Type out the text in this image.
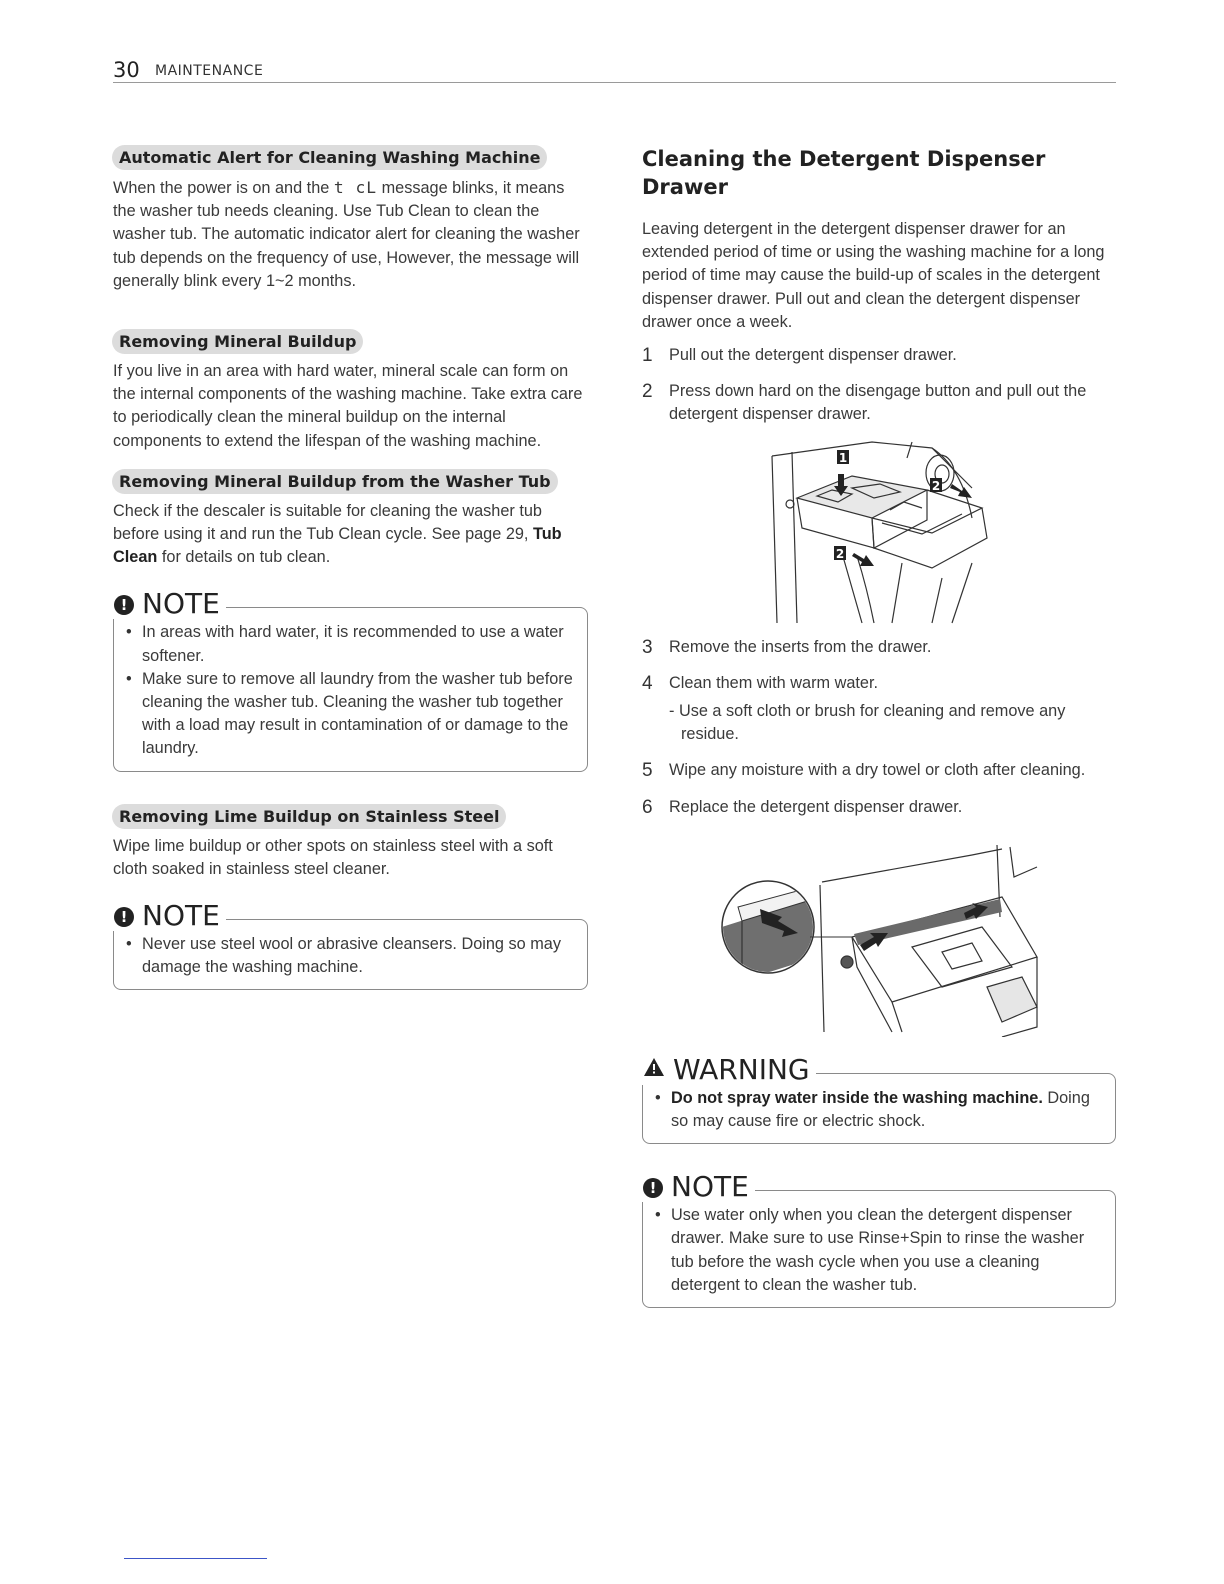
30 MAINTENANCE
Automatic Alert for Cleaning Washing Machine

When the power is on and the t cL message blinks, it means the washer tub needs cleaning. Use Tub Clean to clean the washer tub. The automatic indicator alert for cleaning the washer tub depends on the frequency of use, However, the message will generally blink every 1~2 months.

Removing Mineral Buildup

If you live in an area with hard water, mineral scale can form on the internal components of the washing machine. Take extra care to periodically clean the mineral buildup on the internal components to extend the lifespan of the washing machine.

Removing Mineral Buildup from the Washer Tub

Check if the descaler is suitable for cleaning the washer tub before using it and run the Tub Clean cycle. See page 29, Tub Clean for details on tub clean.

! NOTE
• In areas with hard water, it is recommended to use a water softener.
• Make sure to remove all laundry from the washer tub before cleaning the washer tub. Cleaning the washer tub together with a load may result in contamination of or damage to the laundry.
Removing Lime Buildup on Stainless Steel

Wipe lime buildup or other spots on stainless steel with a soft cloth soaked in stainless steel cleaner.

! NOTE
• Never use steel wool or abrasive cleansers. Doing so may damage the washing machine.
Cleaning the Detergent Dispenser Drawer

Leaving detergent in the detergent dispenser drawer for an extended period of time or using the washing machine for a long period of time may cause the build-up of scales in the detergent dispenser drawer. Pull out and clean the detergent dispenser drawer once a week.

1 Pull out the detergent dispenser drawer.
2 Press down hard on the disengage button and pull out the detergent dispenser drawer.
1
2
2
3 Remove the inserts from the drawer.
4 Clean them with warm water.
- Use a soft cloth or brush for cleaning and remove any residue.
5 Wipe any moisture with a dry towel or cloth after cleaning.
6 Replace the detergent dispenser drawer.
WARNING
• Do not spray water inside the washing machine. Doing so may cause fire or electric shock.
! NOTE
• Use water only when you clean the detergent dispenser drawer. Make sure to use Rinse+Spin to rinse the washer tub before the wash cycle when you use a cleaning detergent to clean the washer tub.
